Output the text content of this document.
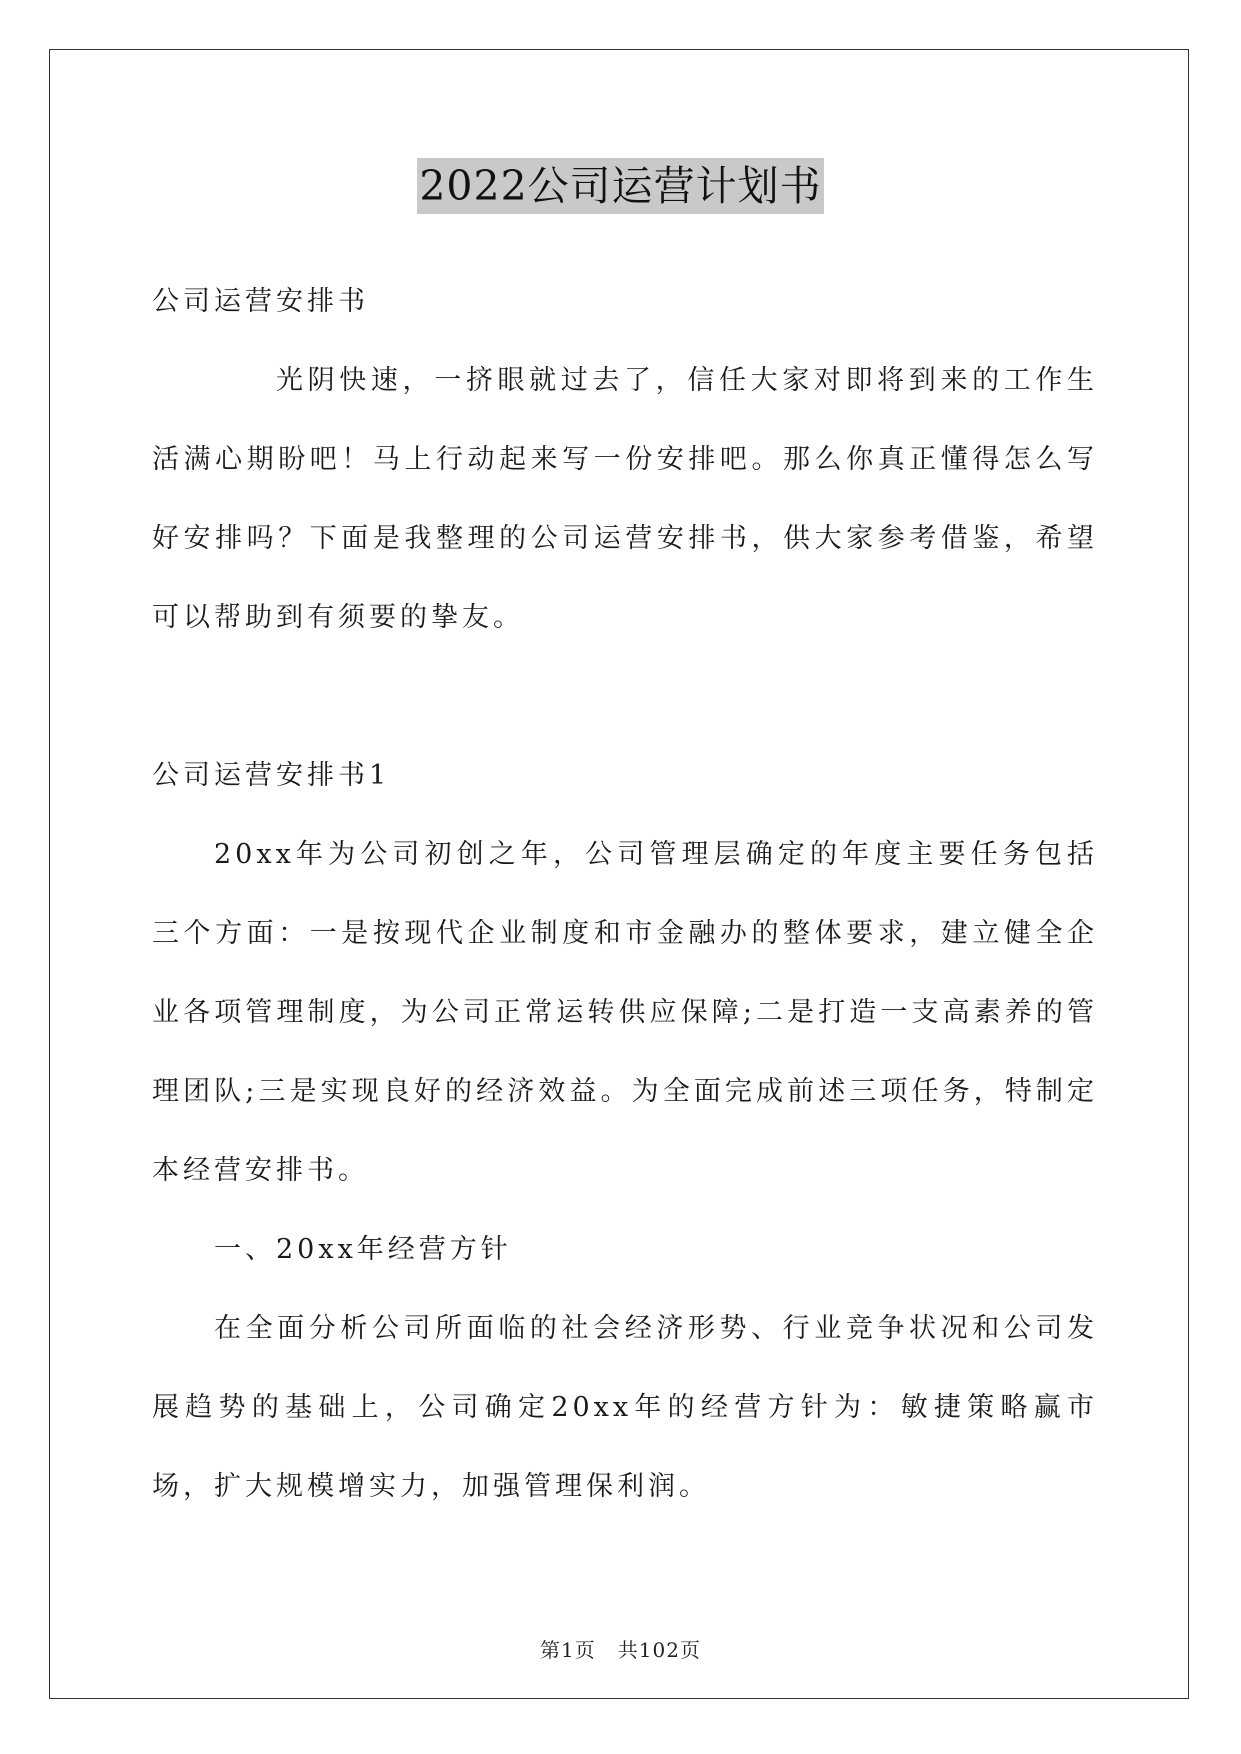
2022公司运营计划书

公司运营安排书

光阴快速，一挤眼就过去了，信任大家对即将到来的工作生活满心期盼吧！马上行动起来写一份安排吧。那么你真正懂得怎么写好安排吗？下面是我整理的公司运营安排书，供大家参考借鉴，希望可以帮助到有须要的挚友。

公司运营安排书1

20xx年为公司初创之年，公司管理层确定的年度主要任务包括三个方面：一是按现代企业制度和市金融办的整体要求，建立健全企业各项管理制度，为公司正常运转供应保障;二是打造一支高素养的管理团队;三是实现良好的经济效益。为全面完成前述三项任务，特制定本经营安排书。

一、20xx年经营方针

在全面分析公司所面临的社会经济形势、行业竞争状况和公司发展趋势的基础上，公司确定20xx年的经营方针为：敏捷策略赢市场，扩大规模增实力，加强管理保利润。

第1页 共102页
